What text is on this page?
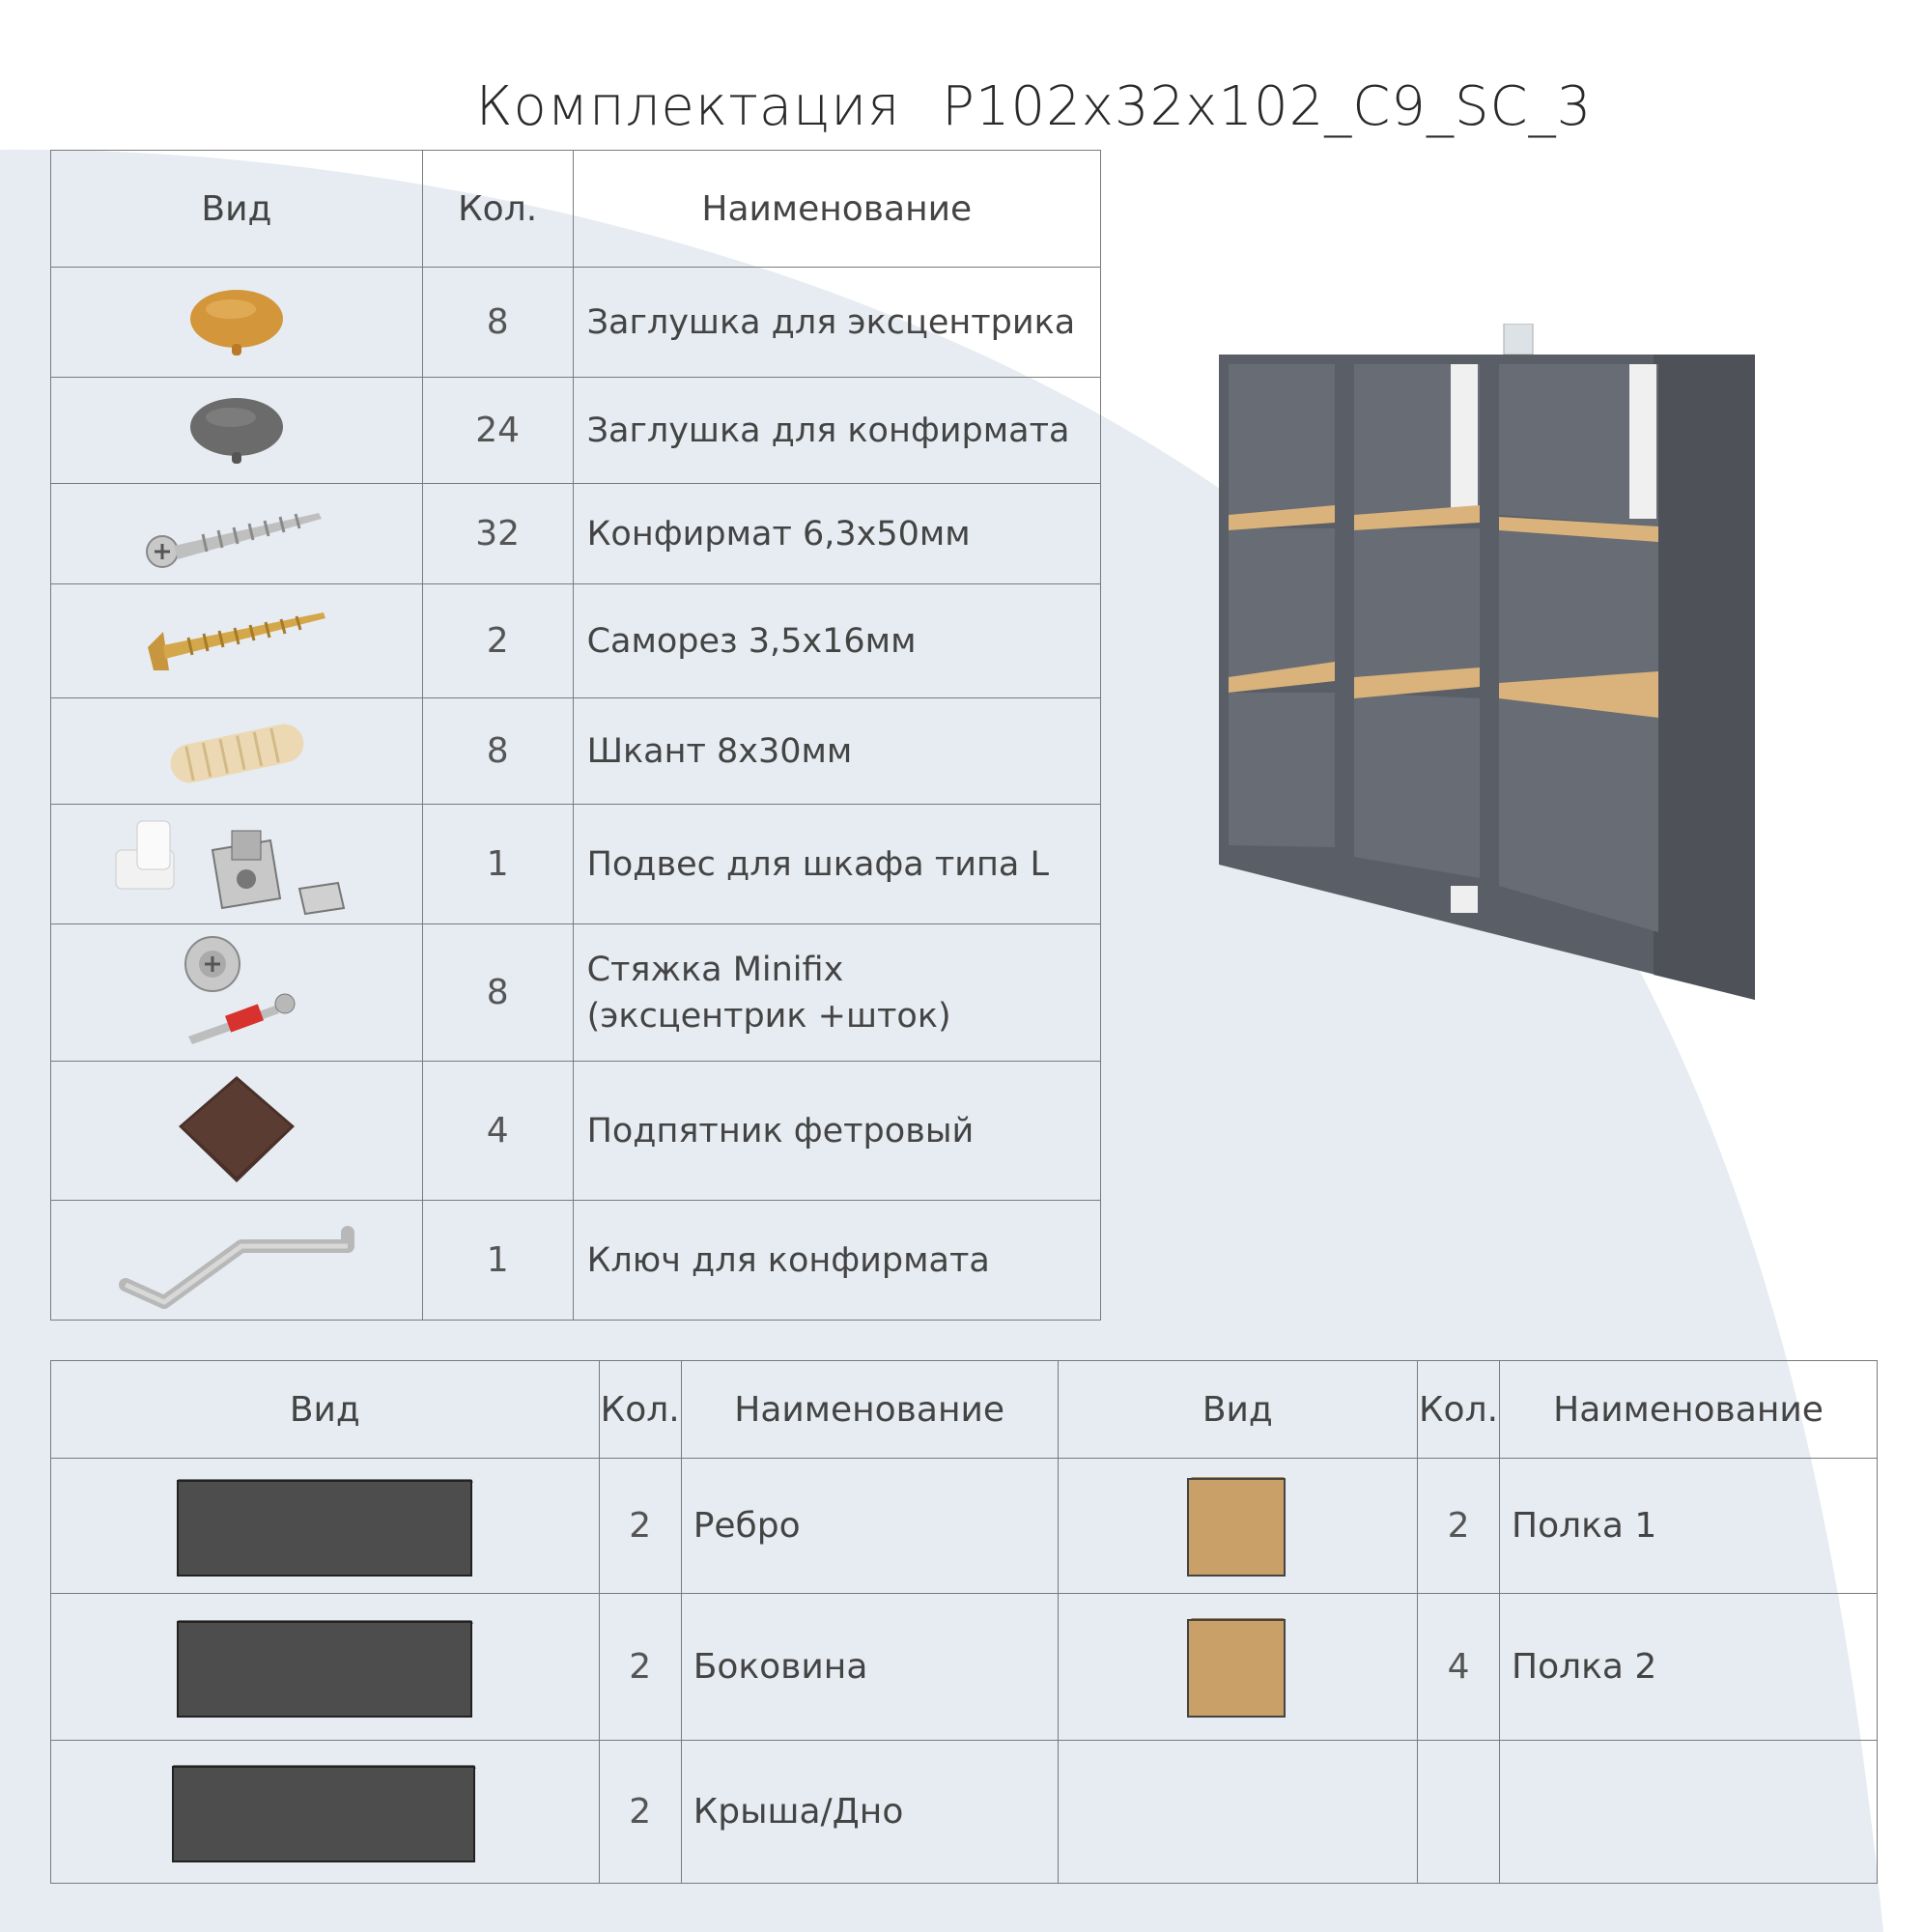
Комплектация P102x32x102_C9_SC_3
Вид	Кол.	Наименование
	8	Заглушка для эксцентрика
	24	Заглушка для конфирмата
	32	Конфирмат 6,3х50мм
	2	Саморез 3,5х16мм
	8	Шкант 8х30мм
	1	Подвес для шкафа типа L
	8	Стяжка Minifix
(эксцентрик +шток)

	4	Подпятник фетровый
	1	Ключ для конфирмата
Вид	Кол.	Наименование	Вид	Кол.	Наименование
	2	Ребро		2	Полка 1
	2	Боковина		4	Полка 2
	2	Крыша/Дно			
